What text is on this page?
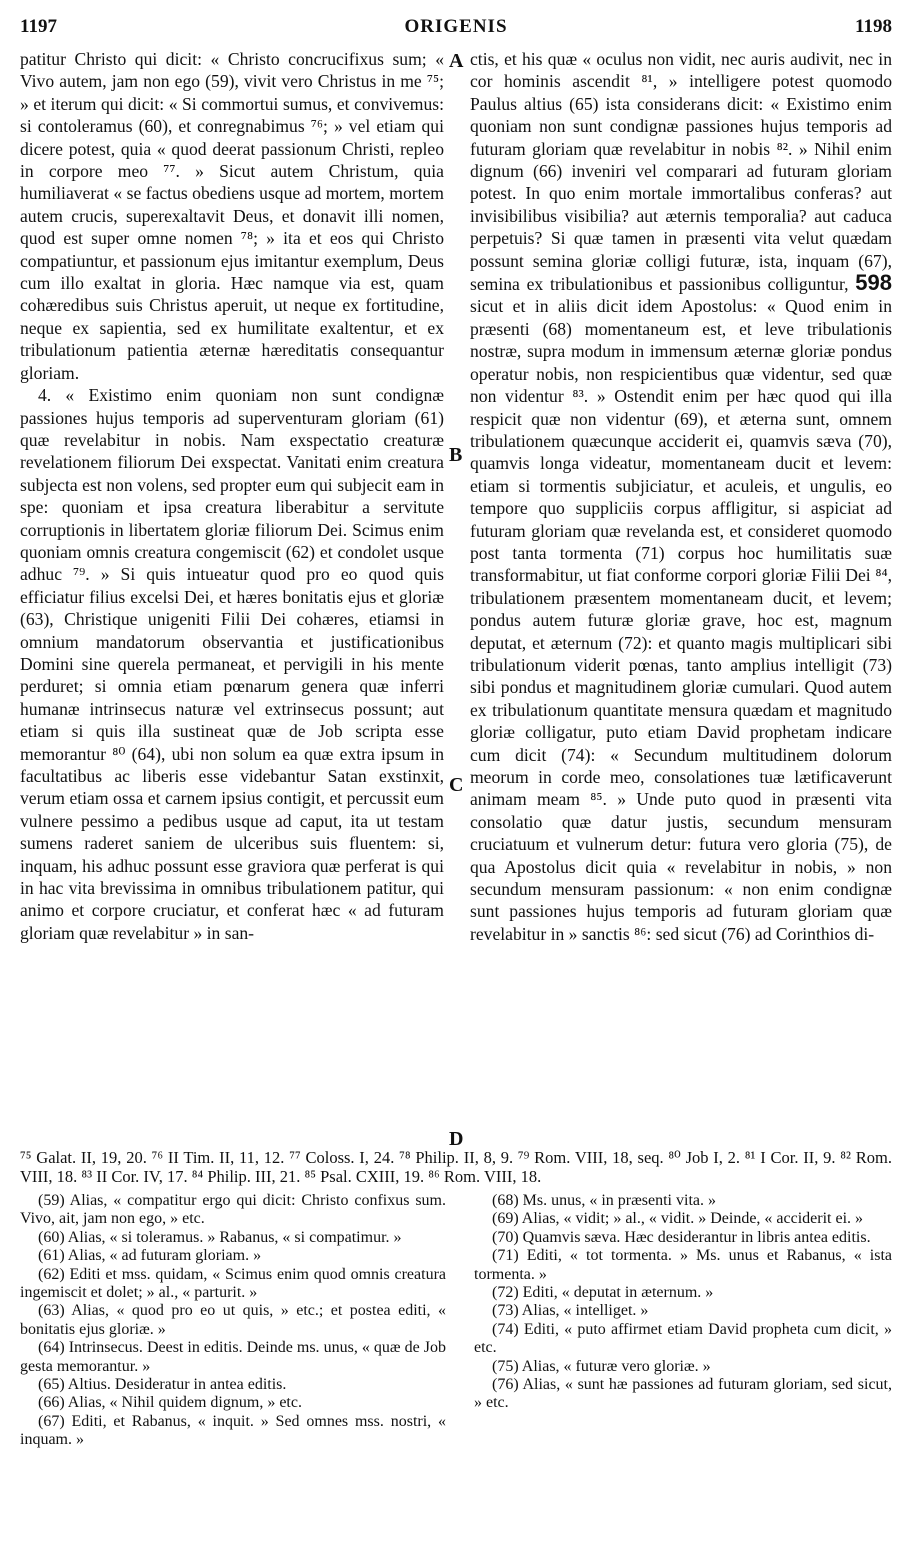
1197	ORIGENIS	1198
A
B
C
D

patitur Christo qui dicit: « Christo concrucifixus sum; « Vivo autem, jam non ego (59), vivit vero Christus in me ⁷⁵; » et iterum qui dicit: « Si commortui sumus, et convivemus: si contoleramus (60), et conregnabimus ⁷⁶; » vel etiam qui dicere potest, quia « quod deerat passionum Christi, repleo in corpore meo ⁷⁷. » Sicut autem Christum, quia humiliaverat « se factus obediens usque ad mortem, mortem autem crucis, superexaltavit Deus, et donavit illi nomen, quod est super omne nomen ⁷⁸; » ita et eos qui Christo compatiuntur, et passionum ejus imitantur exemplum, Deus cum illo exaltat in gloria. Hæc namque via est, quam cohæredibus suis Christus aperuit, ut neque ex fortitudine, neque ex sapientia, sed ex humilitate exaltentur, et ex tribulationum patientia æternæ hæreditatis consequantur gloriam.

4. « Existimo enim quoniam non sunt condignæ passiones hujus temporis ad superventuram gloriam (61) quæ revelabitur in nobis. Nam exspectatio creaturæ revelationem filiorum Dei exspectat. Vanitati enim creatura subjecta est non volens, sed propter eum qui subjecit eam in spe: quoniam et ipsa creatura liberabitur a servitute corruptionis in libertatem gloriæ filiorum Dei. Scimus enim quoniam omnis creatura congemiscit (62) et condolet usque adhuc ⁷⁹. » Si quis intueatur quod pro eo quod quis efficiatur filius excelsi Dei, et hæres bonitatis ejus et gloriæ (63), Christique unigeniti Filii Dei cohæres, etiamsi in omnium mandatorum observantia et justificationibus Domini sine querela permaneat, et pervigili in his mente perduret; si omnia etiam pœnarum genera quæ inferri humanæ intrinsecus naturæ vel extrinsecus possunt; aut etiam si quis illa sustineat quæ de Job scripta esse memorantur ⁸⁰ (64), ubi non solum ea quæ extra ipsum in facultatibus ac liberis esse videbantur Satan exstinxit, verum etiam ossa et carnem ipsius contigit, et percussit eum vulnere pessimo a pedibus usque ad caput, ita ut testam sumens raderet saniem de ulceribus suis fluentem: si, inquam, his adhuc possunt esse graviora quæ perferat is qui in hac vita brevissima in omnibus tribulationem patitur, qui animo et corpore cruciatur, et conferat hæc « ad futuram gloriam quæ revelabitur » in san-

ctis, et his quæ « oculus non vidit, nec auris audivit, nec in cor hominis ascendit ⁸¹, » intelligere potest quomodo Paulus altius (65) ista considerans dicit: « Existimo enim quoniam non sunt condignæ passiones hujus temporis ad futuram gloriam quæ revelabitur in nobis ⁸². » Nihil enim dignum (66) inveniri vel comparari ad futuram gloriam potest. In quo enim mortale immortalibus conferas? aut invisibilibus visibilia? aut æternis temporalia? aut caduca perpetuis? Si quæ tamen in præsenti vita velut quædam possunt semina gloriæ colligi futuræ, ista, inquam (67), semina ex tribulationibus et passionibus colliguntur, 598 sicut et in aliis dicit idem Apostolus: « Quod enim in præsenti (68) momentaneum est, et leve tribulationis nostræ, supra modum in immensum æternæ gloriæ pondus operatur nobis, non respicientibus quæ videntur, sed quæ non videntur ⁸³. » Ostendit enim per hæc quod qui illa respicit quæ non videntur (69), et æterna sunt, omnem tribulationem quæcunque acciderit ei, quamvis sæva (70), quamvis longa videatur, momentaneam ducit et levem: etiam si tormentis subjiciatur, et aculeis, et ungulis, eo tempore quo suppliciis corpus affligitur, si aspiciat ad futuram gloriam quæ revelanda est, et consideret quomodo post tanta tormenta (71) corpus hoc humilitatis suæ transformabitur, ut fiat conforme corpori gloriæ Filii Dei ⁸⁴, tribulationem præsentem momentaneam ducit, et levem; pondus autem futuræ gloriæ grave, hoc est, magnum deputat, et æternum (72): et quanto magis multiplicari sibi tribulationum viderit pœnas, tanto amplius intelligit (73) sibi pondus et magnitudinem gloriæ cumulari. Quod autem ex tribulationum quantitate mensura quædam et magnitudo gloriæ colligatur, puto etiam David prophetam indicare cum dicit (74): « Secundum multitudinem dolorum meorum in corde meo, consolationes tuæ lætificaverunt animam meam ⁸⁵. » Unde puto quod in præsenti vita consolatio quæ datur justis, secundum mensuram cruciatuum et vulnerum detur: futura vero gloria (75), de qua Apostolus dicit quia « revelabitur in nobis, » non secundum mensuram passionum: « non enim condignæ sunt passiones hujus temporis ad futuram gloriam quæ revelabitur in » sanctis ⁸⁶: sed sicut (76) ad Corinthios di-

⁷⁵ Galat. II, 19, 20. ⁷⁶ II Tim. II, 11, 12. ⁷⁷ Coloss. I, 24. ⁷⁸ Philip. II, 8, 9. ⁷⁹ Rom. VIII, 18, seq. ⁸⁰ Job I, 2. ⁸¹ I Cor. II, 9. ⁸² Rom. VIII, 18. ⁸³ II Cor. IV, 17. ⁸⁴ Philip. III, 21. ⁸⁵ Psal. CXIII, 19. ⁸⁶ Rom. VIII, 18.

(59) Alias, « compatitur ergo qui dicit: Christo confixus sum. Vivo, ait, jam non ego, » etc.

(60) Alias, « si toleramus. » Rabanus, « si compatimur. »

(61) Alias, « ad futuram gloriam. »

(62) Editi et mss. quidam, « Scimus enim quod omnis creatura ingemiscit et dolet; » al., « parturit. »

(63) Alias, « quod pro eo ut quis, » etc.; et postea editi, « bonitatis ejus gloriæ. »

(64) Intrinsecus. Deest in editis. Deinde ms. unus, « quæ de Job gesta memorantur. »

(65) Altius. Desideratur in antea editis.

(66) Alias, « Nihil quidem dignum, » etc.

(67) Editi, et Rabanus, « inquit. » Sed omnes mss. nostri, « inquam. »

(68) Ms. unus, « in præsenti vita. »

(69) Alias, « vidit; » al., « vidit. » Deinde, « acciderit ei. »

(70) Quamvis sæva. Hæc desiderantur in libris antea editis.

(71) Editi, « tot tormenta. » Ms. unus et Rabanus, « ista tormenta. »

(72) Editi, « deputat in æternum. »

(73) Alias, « intelliget. »

(74) Editi, « puto affirmet etiam David propheta cum dicit, » etc.

(75) Alias, « futuræ vero gloriæ. »

(76) Alias, « sunt hæ passiones ad futuram gloriam, sed sicut, » etc.
